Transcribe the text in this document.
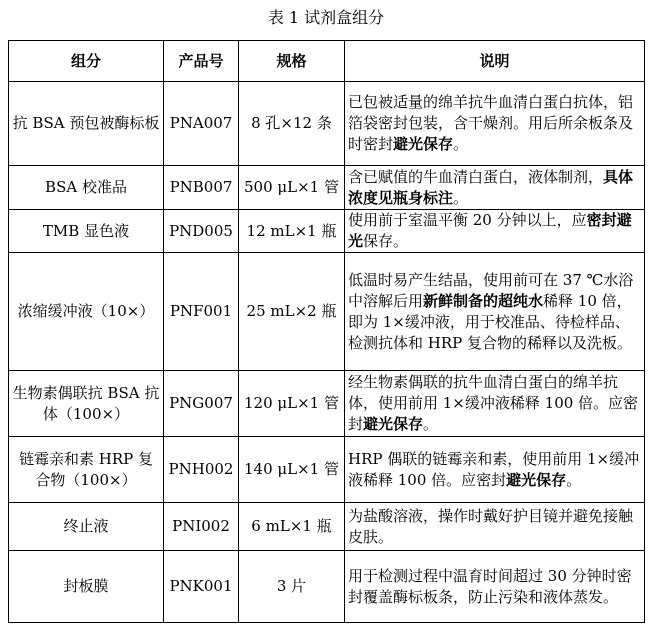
表 1 试剂盒组分
组分	产品号	规格	说明
抗 BSA 预包被酶标板	PNA007	8 孔×12 条	已包被适量的绵羊抗牛血清白蛋白抗体，铝箔袋密封包装，含干燥剂。用后所余板条及时密封避光保存。
BSA 校准品	PNB007	500 μL×1 管	含已赋值的牛血清白蛋白，液体制剂，具体浓度见瓶身标注。
TMB 显色液	PND005	12 mL×1 瓶	使用前于室温平衡 20 分钟以上，应密封避光保存。
浓缩缓冲液（10×）	PNF001	25 mL×2 瓶	低温时易产生结晶，使用前可在 37 ℃水浴中溶解后用新鲜制备的超纯水稀释 10 倍，即为 1×缓冲液，用于校准品、待检样品、检测抗体和 HRP 复合物的稀释以及洗板。
生物素偶联抗 BSA 抗体（100×）	PNG007	120 μL×1 管	经生物素偶联的抗牛血清白蛋白的绵羊抗体，使用前用 1×缓冲液稀释 100 倍。应密封避光保存。
链霉亲和素 HRP 复合物（100×）	PNH002	140 μL×1 管	HRP 偶联的链霉亲和素，使用前用 1×缓冲液稀释 100 倍。应密封避光保存。
终止液	PNI002	6 mL×1 瓶	为盐酸溶液，操作时戴好护目镜并避免接触皮肤。
封板膜	PNK001	3 片	用于检测过程中温育时间超过 30 分钟时密封覆盖酶标板条，防止污染和液体蒸发。
